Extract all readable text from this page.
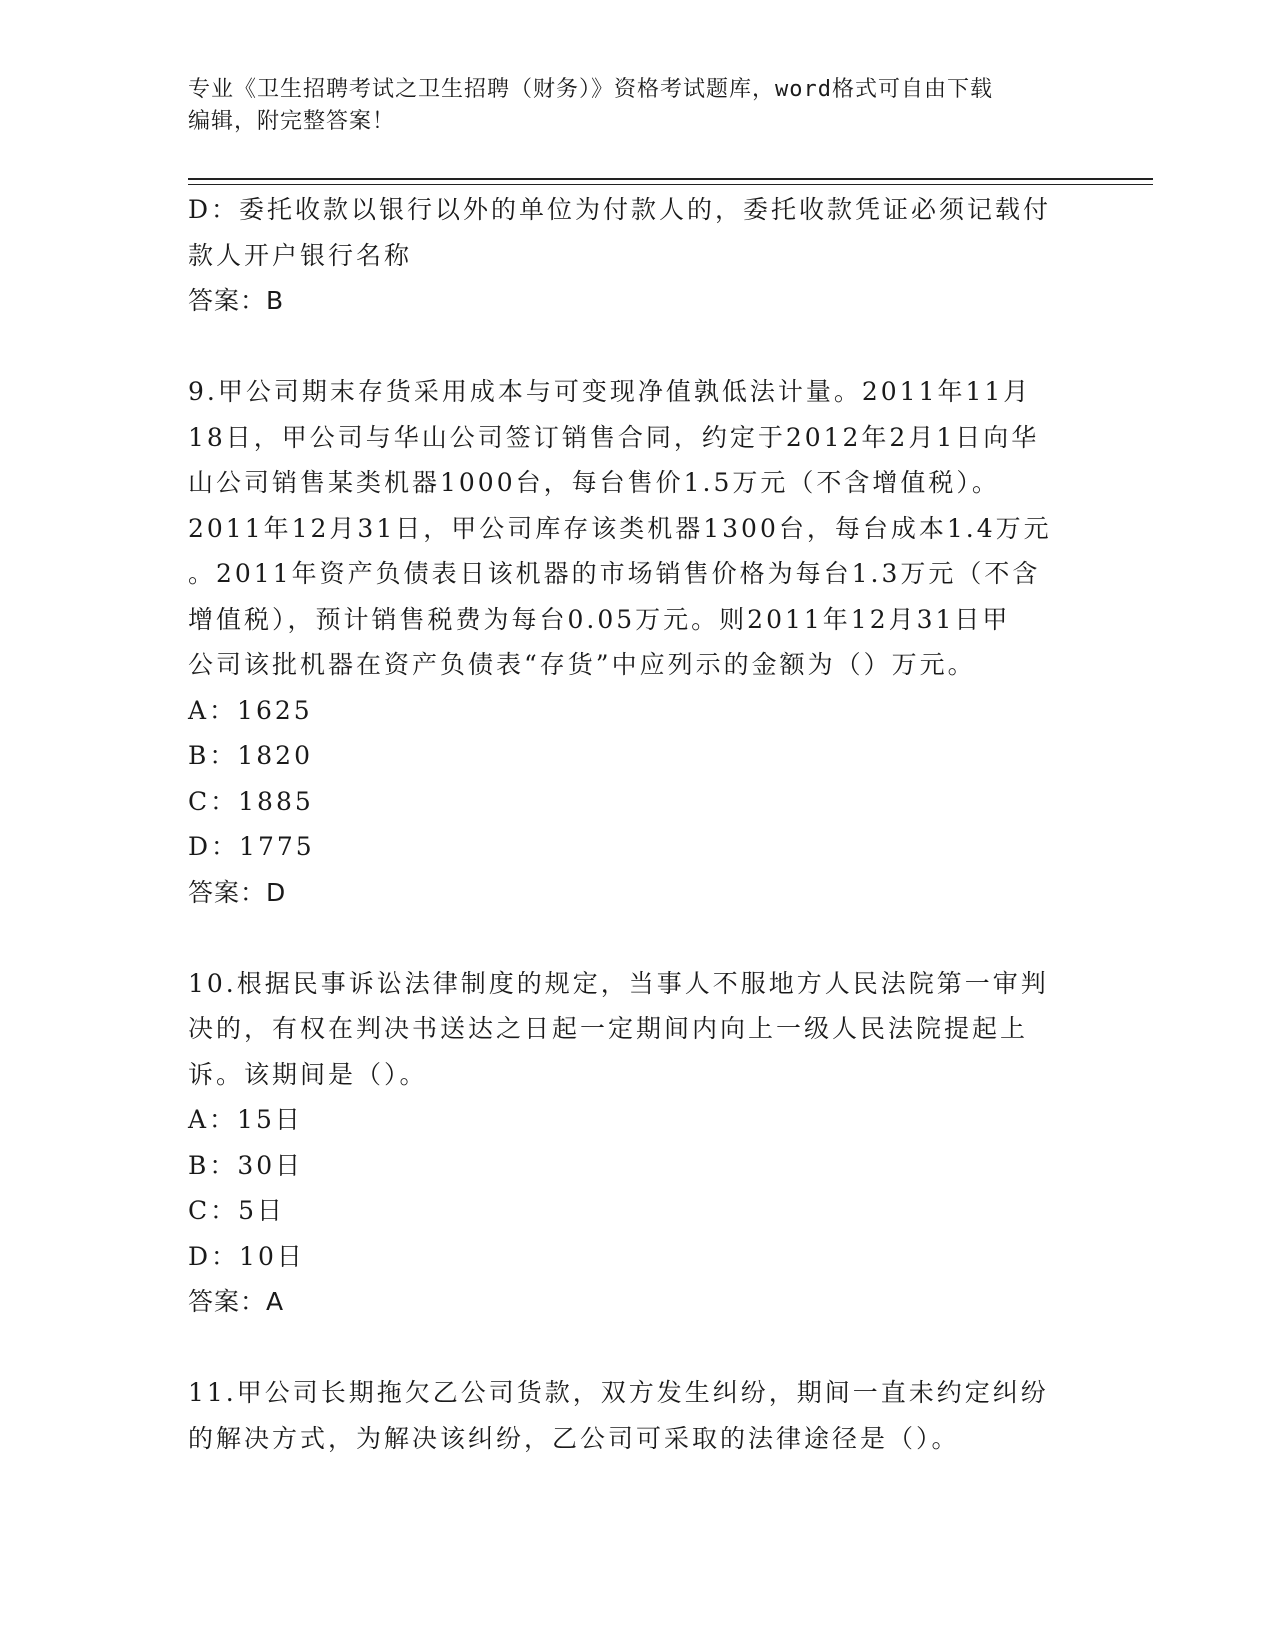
专业《卫生招聘考试之卫生招聘（财务）》资格考试题库，word格式可自由下载
编辑，附完整答案！
D：委托收款以银行以外的单位为付款人的，委托收款凭证必须记载付
款人开户银行名称
答案：B
9.甲公司期末存货采用成本与可变现净值孰低法计量。2011年11月
18日，甲公司与华山公司签订销售合同，约定于2012年2月1日向华
山公司销售某类机器1000台，每台售价1.5万元（不含增值税）。
2011年12月31日，甲公司库存该类机器1300台，每台成本1.4万元
。2011年资产负债表日该机器的市场销售价格为每台1.3万元（不含
增值税），预计销售税费为每台0.05万元。则2011年12月31日甲
公司该批机器在资产负债表“存货”中应列示的金额为（）万元。
A：1625
B：1820
C：1885
D：1775
答案：D
10.根据民事诉讼法律制度的规定，当事人不服地方人民法院第一审判
决的，有权在判决书送达之日起一定期间内向上一级人民法院提起上
诉。该期间是（）。
A：15日
B：30日
C：5日
D：10日
答案：A
11.甲公司长期拖欠乙公司货款，双方发生纠纷，期间一直未约定纠纷
的解决方式，为解决该纠纷，乙公司可采取的法律途径是（）。
